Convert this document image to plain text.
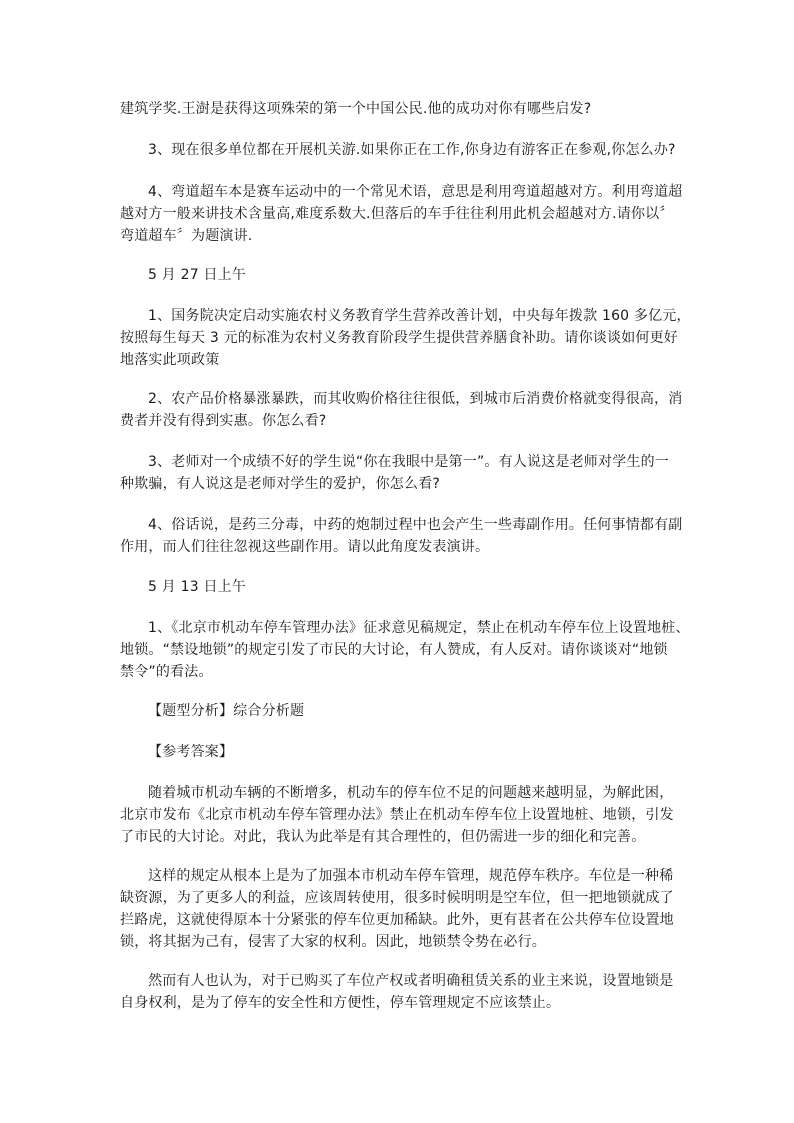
建筑学奖.王澍是获得这项殊荣的第一个中国公民.他的成功对你有哪些启发?

3、现在很多单位都在开展机关游.如果你正在工作,你身边有游客正在参观,你怎么办?

4、弯道超车本是赛车运动中的一个常见术语，意思是利用弯道超越对方。利用弯道超
越对方一般来讲技术含量高,难度系数大.但落后的车手往往利用此机会超越对方.请你以〞
弯道超车〞为题演讲.

5 月 27 日上午

1、国务院决定启动实施农村义务教育学生营养改善计划，中央每年拨款 160 多亿元，
按照每生每天 3 元的标准为农村义务教育阶段学生提供营养膳食补助。请你谈谈如何更好
地落实此项政策

2、农产品价格暴涨暴跌，而其收购价格往往很低，到城市后消费价格就变得很高，消
费者并没有得到实惠。你怎么看?

3、老师对一个成绩不好的学生说“你在我眼中是第一”。有人说这是老师对学生的一
种欺骗，有人说这是老师对学生的爱护，你怎么看?

4、俗话说，是药三分毒，中药的炮制过程中也会产生一些毒副作用。任何事情都有副
作用，而人们往往忽视这些副作用。请以此角度发表演讲。

5 月 13 日上午

1、《北京市机动车停车管理办法》征求意见稿规定，禁止在机动车停车位上设置地桩、
地锁。“禁设地锁”的规定引发了市民的大讨论，有人赞成，有人反对。请你谈谈对“地锁
禁令”的看法。

【题型分析】综合分析题

【参考答案】

随着城市机动车辆的不断增多，机动车的停车位不足的问题越来越明显，为解此困，
北京市发布《北京市机动车停车管理办法》禁止在机动车停车位上设置地桩、地锁，引发
了市民的大讨论。对此，我认为此举是有其合理性的，但仍需进一步的细化和完善。

这样的规定从根本上是为了加强本市机动车停车管理，规范停车秩序。车位是一种稀
缺资源，为了更多人的利益，应该周转使用，很多时候明明是空车位，但一把地锁就成了
拦路虎，这就使得原本十分紧张的停车位更加稀缺。此外，更有甚者在公共停车位设置地
锁，将其据为己有，侵害了大家的权利。因此，地锁禁令势在必行。

然而有人也认为，对于已购买了车位产权或者明确租赁关系的业主来说，设置地锁是
自身权利，是为了停车的安全性和方便性，停车管理规定不应该禁止。
